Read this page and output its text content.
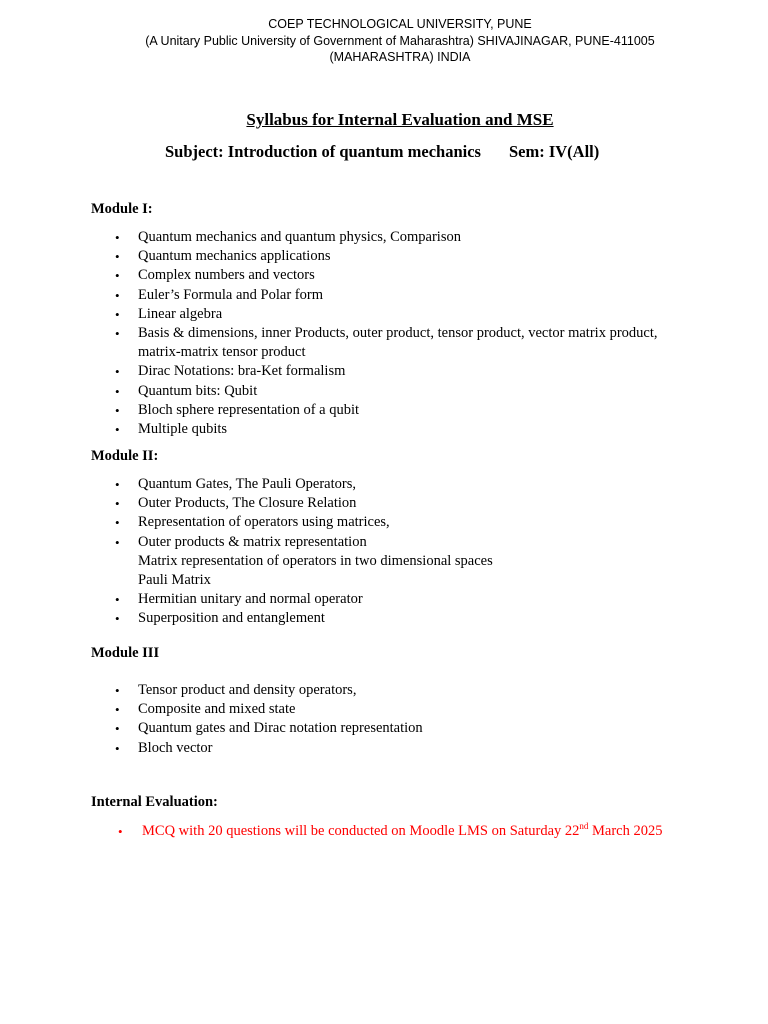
COEP TECHNOLOGICAL UNIVERSITY, PUNE
(A Unitary Public University of Government of Maharashtra) SHIVAJINAGAR, PUNE-411005
(MAHARASHTRA) INDIA
Syllabus for Internal Evaluation and MSE
Subject: Introduction of quantum mechanics Sem: IV(All)
Module I:
• Quantum mechanics and quantum physics, Comparison
• Quantum mechanics applications
• Complex numbers and vectors
• Euler’s Formula and Polar form
• Linear algebra
• Basis & dimensions, inner Products, outer product, tensor product, vector matrix product,
matrix-matrix tensor product
• Dirac Notations: bra-Ket formalism
• Quantum bits: Qubit
• Bloch sphere representation of a qubit
• Multiple qubits
Module II:
• Quantum Gates, The Pauli Operators,
• Outer Products, The Closure Relation
• Representation of operators using matrices,
• Outer products & matrix representation
Matrix representation of operators in two dimensional spaces
Pauli Matrix
• Hermitian unitary and normal operator
• Superposition and entanglement
Module III
• Tensor product and density operators,
• Composite and mixed state
• Quantum gates and Dirac notation representation
• Bloch vector
Internal Evaluation:
• MCQ with 20 questions will be conducted on Moodle LMS on Saturday 22nd March 2025
